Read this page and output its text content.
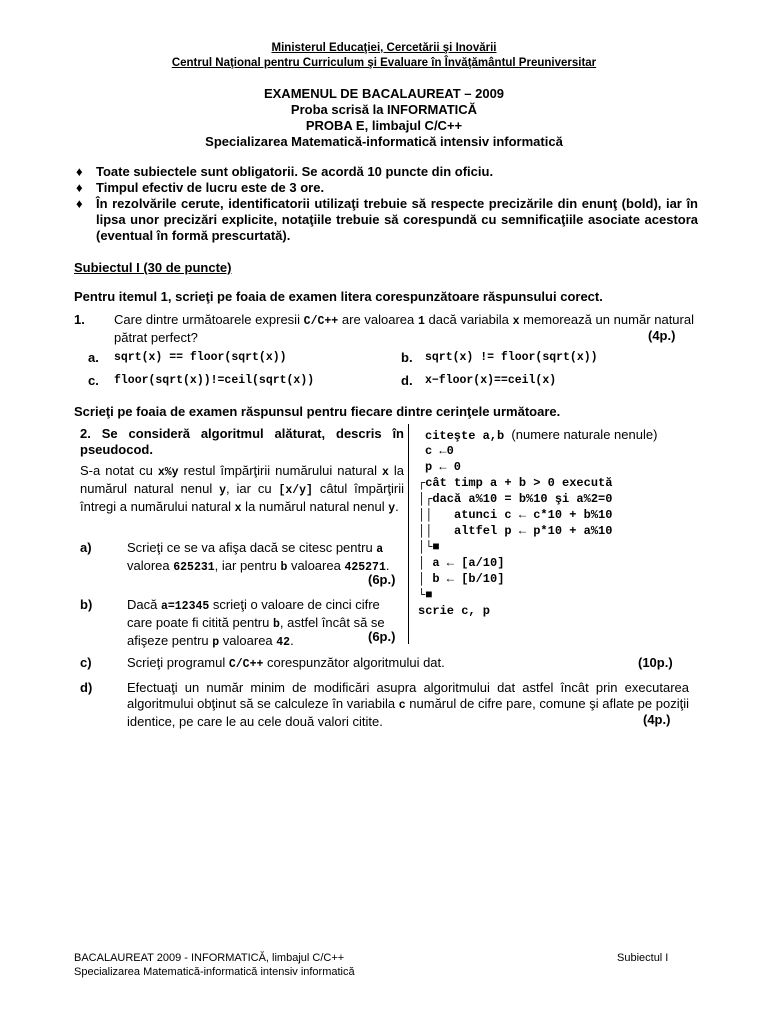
Ministerul Educaţiei, Cercetării şi Inovării
Centrul Naţional pentru Curriculum şi Evaluare în Învăţământul Preuniversitar
EXAMENUL DE BACALAUREAT – 2009
Proba scrisă la INFORMATICĂ
PROBA E, limbajul C/C++
Specializarea Matematică-informatică intensiv informatică
♦ Toate subiectele sunt obligatorii. Se acordă 10 puncte din oficiu.
♦ Timpul efectiv de lucru este de 3 ore.
♦ În rezolvările cerute, identificatorii utilizaţi trebuie să respecte precizările din enunţ (bold), iar în lipsa unor precizări explicite, notaţiile trebuie să corespundă cu semnificaţiile asociate acestora (eventual în formă prescurtată).
Subiectul I (30 de puncte)
Pentru itemul 1, scrieţi pe foaia de examen litera corespunzătoare răspunsului corect.
1. Care dintre următoarele expresii C/C++ are valoarea 1 dacă variabila x memorează un număr natural pătrat perfect?	(4p.)
a. sqrt(x) == floor(sqrt(x))	b. sqrt(x) != floor(sqrt(x))
c. floor(sqrt(x))!=ceil(sqrt(x))	d. x−floor(x)==ceil(x)
Scrieţi pe foaia de examen răspunsul pentru fiecare dintre cerinţele următoare.
2. Se consideră algoritmul alăturat, descris în pseudocod.
S-a notat cu x%y restul împărţirii numărului natural x la numărul natural nenul y, iar cu [x/y] câtul împărţirii întregi a numărului natural x la numărul natural nenul y.
a)	Scrieţi ce se va afişa dacă se citesc pentru a valorea 625231, iar pentru b valoarea 425271.
(6p.)
b)	Dacă a=12345 scrieţi o valoare de cinci cifre care poate fi citită pentru b, astfel încât să se afişeze pentru p valoarea 42.	(6p.)
citeşte a,b (numere naturale nenule)
c ←0
p ← 0
┌cât timp a + b > 0 execută
│┌dacă a%10 = b%10 şi a%2=0
││   atunci c ← c*10 + b%10
││   altfel p ← p*10 + a%10
│└■
│ a ← [a/10]
│ b ← [b/10]
└■
scrie c, p
c)	Scrieţi programul C/C++ corespunzător algoritmului dat.	(10p.)
d)	Efectuaţi un număr minim de modificări asupra algoritmului dat astfel încât prin executarea algoritmului obţinut să se calculeze în variabila c numărul de cifre pare, comune şi aflate pe poziţii identice, pe care le au cele două valori citite.	(4p.)
BACALAUREAT 2009 - INFORMATICĂ, limbajul C/C++
Specializarea Matematică-informatică intensiv informatică
Subiectul I
